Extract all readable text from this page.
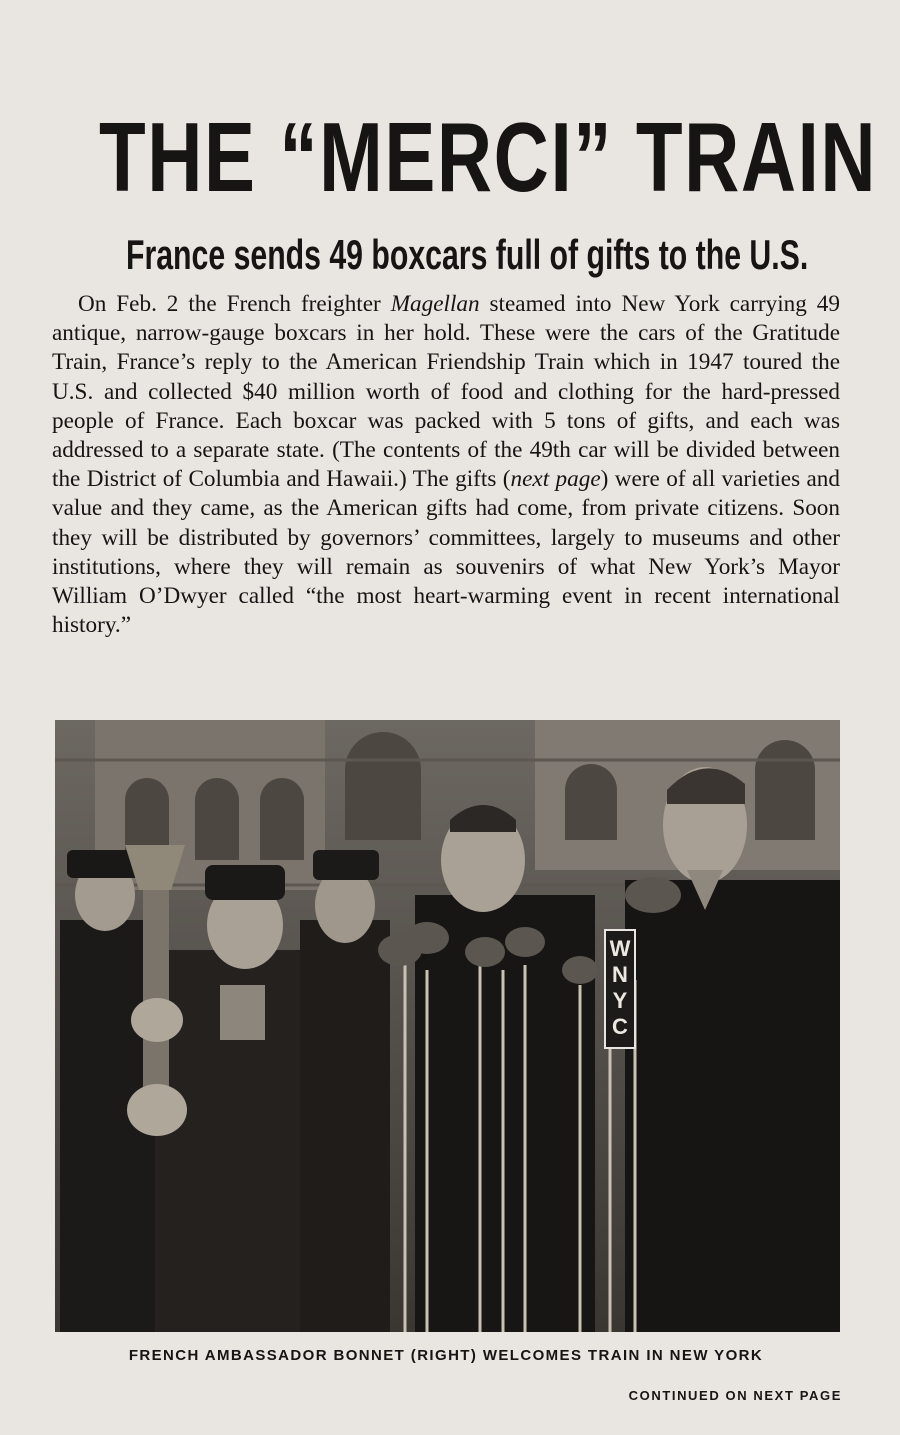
THE “MERCI” TRAIN
France sends 49 boxcars full of gifts to the U.S.

On Feb. 2 the French freighter Magellan steamed into New York carrying 49 antique, narrow-gauge boxcars in her hold. These were the cars of the Gratitude Train, France’s reply to the American Friendship Train which in 1947 toured the U.S. and collected $40 million worth of food and clothing for the hard-pressed people of France. Each boxcar was packed with 5 tons of gifts, and each was addressed to a separate state. (The contents of the 49th car will be divided between the District of Columbia and Hawaii.) The gifts (next page) were of all varieties and value and they came, as the American gifts had come, from private citizens. Soon they will be distributed by governors’ committees, largely to museums and other institutions, where they will remain as souvenirs of what New York’s Mayor William O’Dwyer called “the most heart-warming event in recent international history.”

W
N
Y
C
FRENCH AMBASSADOR BONNET (RIGHT) WELCOMES TRAIN IN NEW YORK
CONTINUED ON NEXT PAGE
